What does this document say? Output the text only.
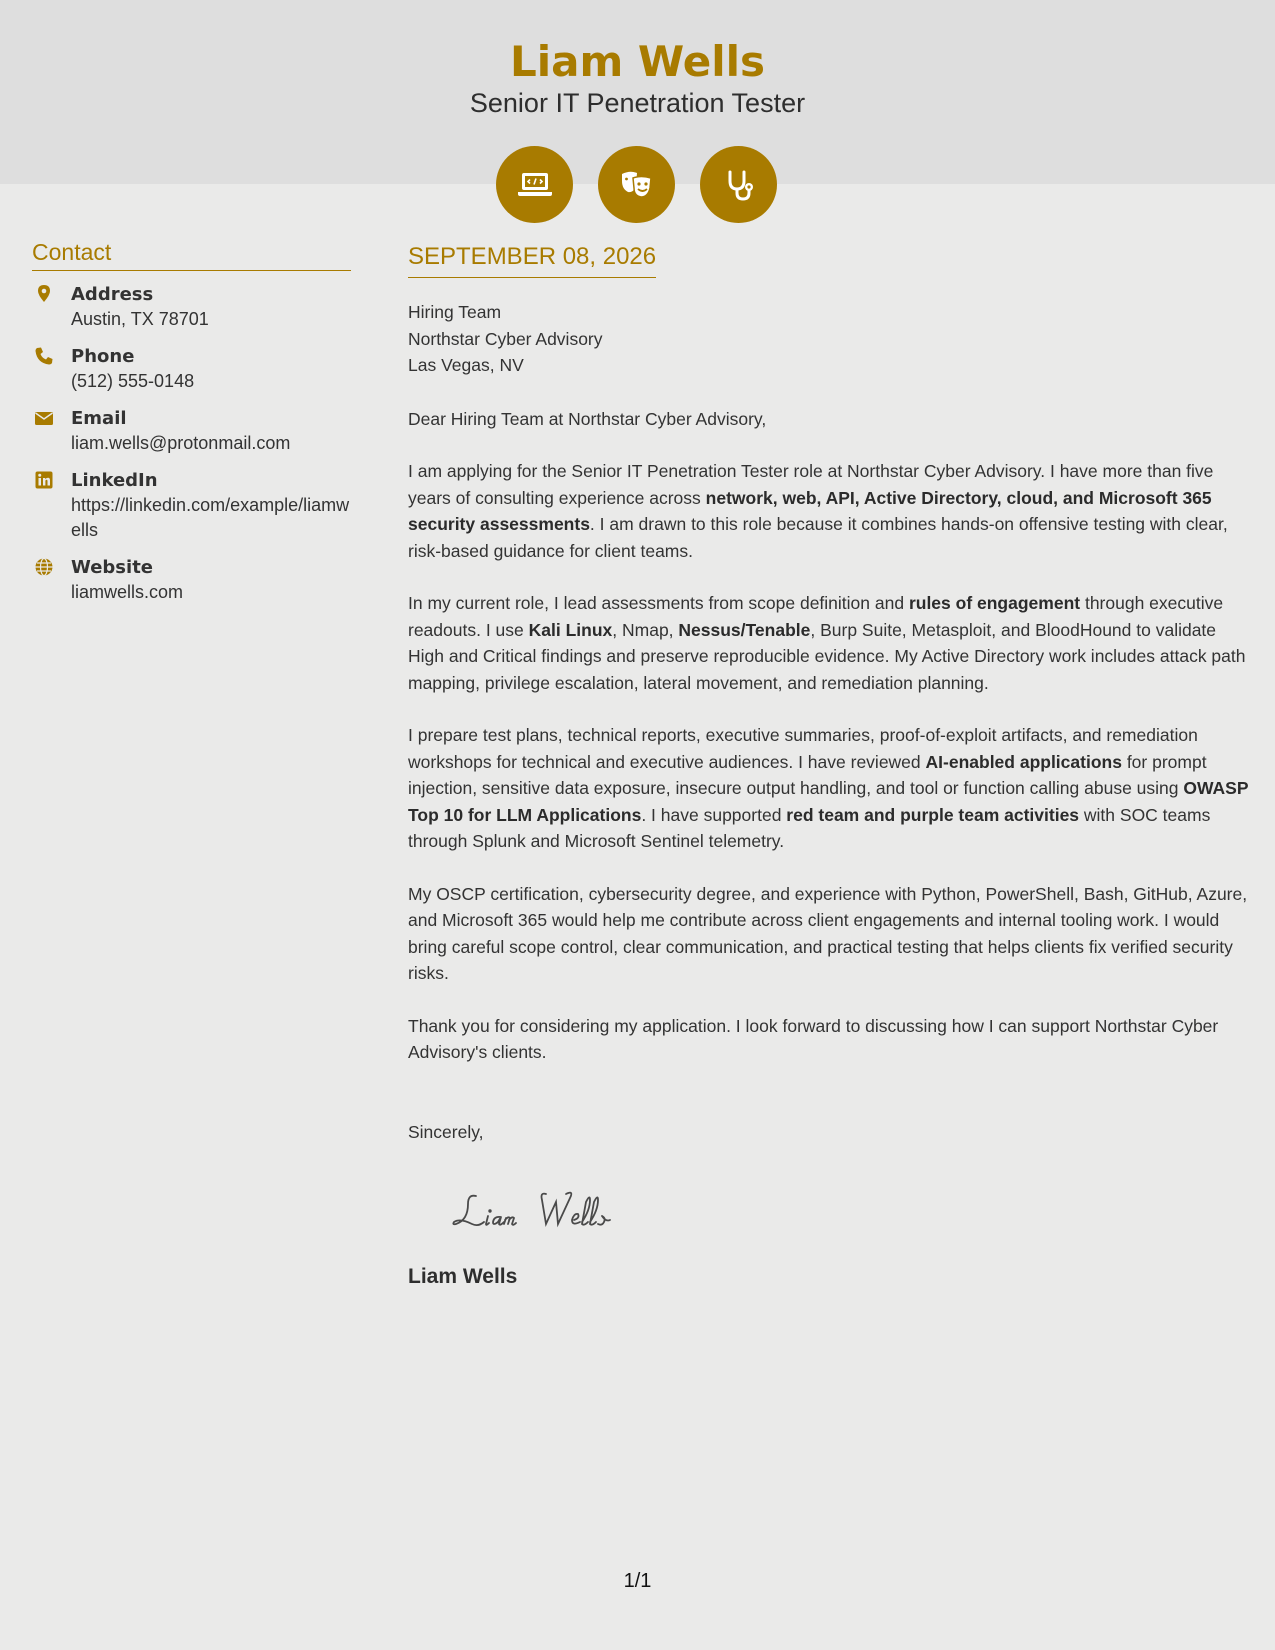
Liam Wells
Senior IT Penetration Tester
Contact
Address
Austin, TX 78701
Phone
(512) 555-0148
Email
liam.wells@protonmail.com
LinkedIn
https://linkedin.com/example/liamwells
Website
liamwells.com
SEPTEMBER 08, 2026
Hiring Team
Northstar Cyber Advisory
Las Vegas, NV

Dear Hiring Team at Northstar Cyber Advisory,

I am applying for the Senior IT Penetration Tester role at Northstar Cyber Advisory. I have more than five years of consulting experience across network, web, API, Active Directory, cloud, and Microsoft 365 security assessments. I am drawn to this role because it combines hands-on offensive testing with clear, risk-based guidance for client teams.

In my current role, I lead assessments from scope definition and rules of engagement through executive readouts. I use Kali Linux, Nmap, Nessus/Tenable, Burp Suite, Metasploit, and BloodHound to validate High and Critical findings and preserve reproducible evidence. My Active Directory work includes attack path mapping, privilege escalation, lateral movement, and remediation planning.

I prepare test plans, technical reports, executive summaries, proof-of-exploit artifacts, and remediation workshops for technical and executive audiences. I have reviewed AI-enabled applications for prompt injection, sensitive data exposure, insecure output handling, and tool or function calling abuse using OWASP Top 10 for LLM Applications. I have supported red team and purple team activities with SOC teams through Splunk and Microsoft Sentinel telemetry.

My OSCP certification, cybersecurity degree, and experience with Python, PowerShell, Bash, GitHub, Azure, and Microsoft 365 would help me contribute across client engagements and internal tooling work. I would bring careful scope control, clear communication, and practical testing that helps clients fix verified security risks.

Thank you for considering my application. I look forward to discussing how I can support Northstar Cyber Advisory's clients.

Sincerely,
Liam Wells
1/1
